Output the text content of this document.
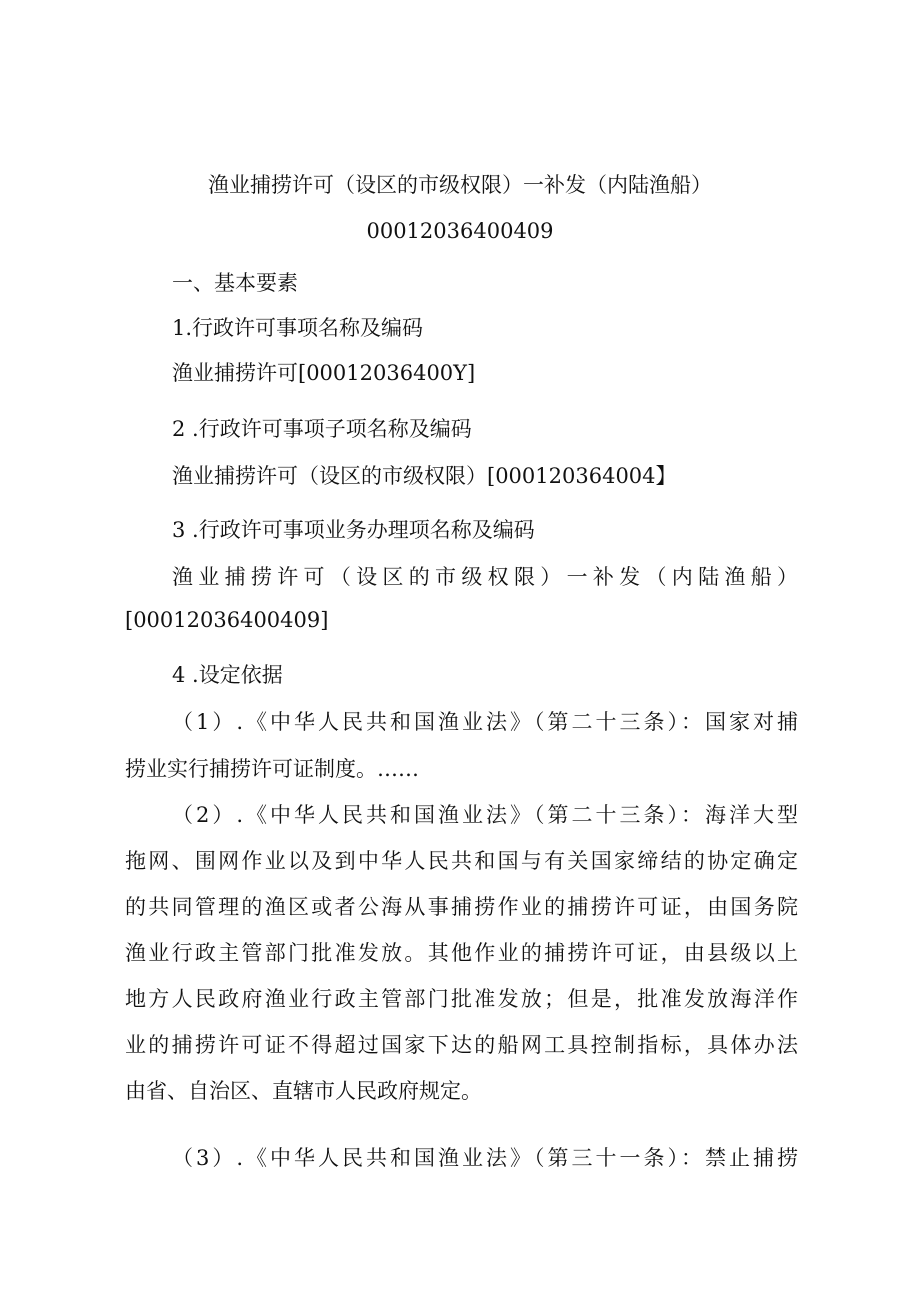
渔业捕捞许可（设区的市级权限）一补发（内陆渔船）
00012036400409
一、基本要素
1.行政许可事项名称及编码
渔业捕捞许可[00012036400Y]
2 .行政许可事项子项名称及编码
渔业捕捞许可（设区的市级权限）[000120364004】
3 .行政许可事项业务办理项名称及编码
渔业捕捞许可（设区的市级权限）一补发（内陆渔船）
[00012036400409]
4 .设定依据
（1）.《中华人民共和国渔业法》（第二十三条）：国家对捕
捞业实行捕捞许可证制度。……
（2）.《中华人民共和国渔业法》（第二十三条）：海洋大型
拖网、围网作业以及到中华人民共和国与有关国家缔结的协定确定
的共同管理的渔区或者公海从事捕捞作业的捕捞许可证，由国务院
渔业行政主管部门批准发放。其他作业的捕捞许可证，由县级以上
地方人民政府渔业行政主管部门批准发放；但是，批准发放海洋作
业的捕捞许可证不得超过国家下达的船网工具控制指标，具体办法
由省、自治区、直辖市人民政府规定。
（3）.《中华人民共和国渔业法》（第三十一条）：禁止捕捞
